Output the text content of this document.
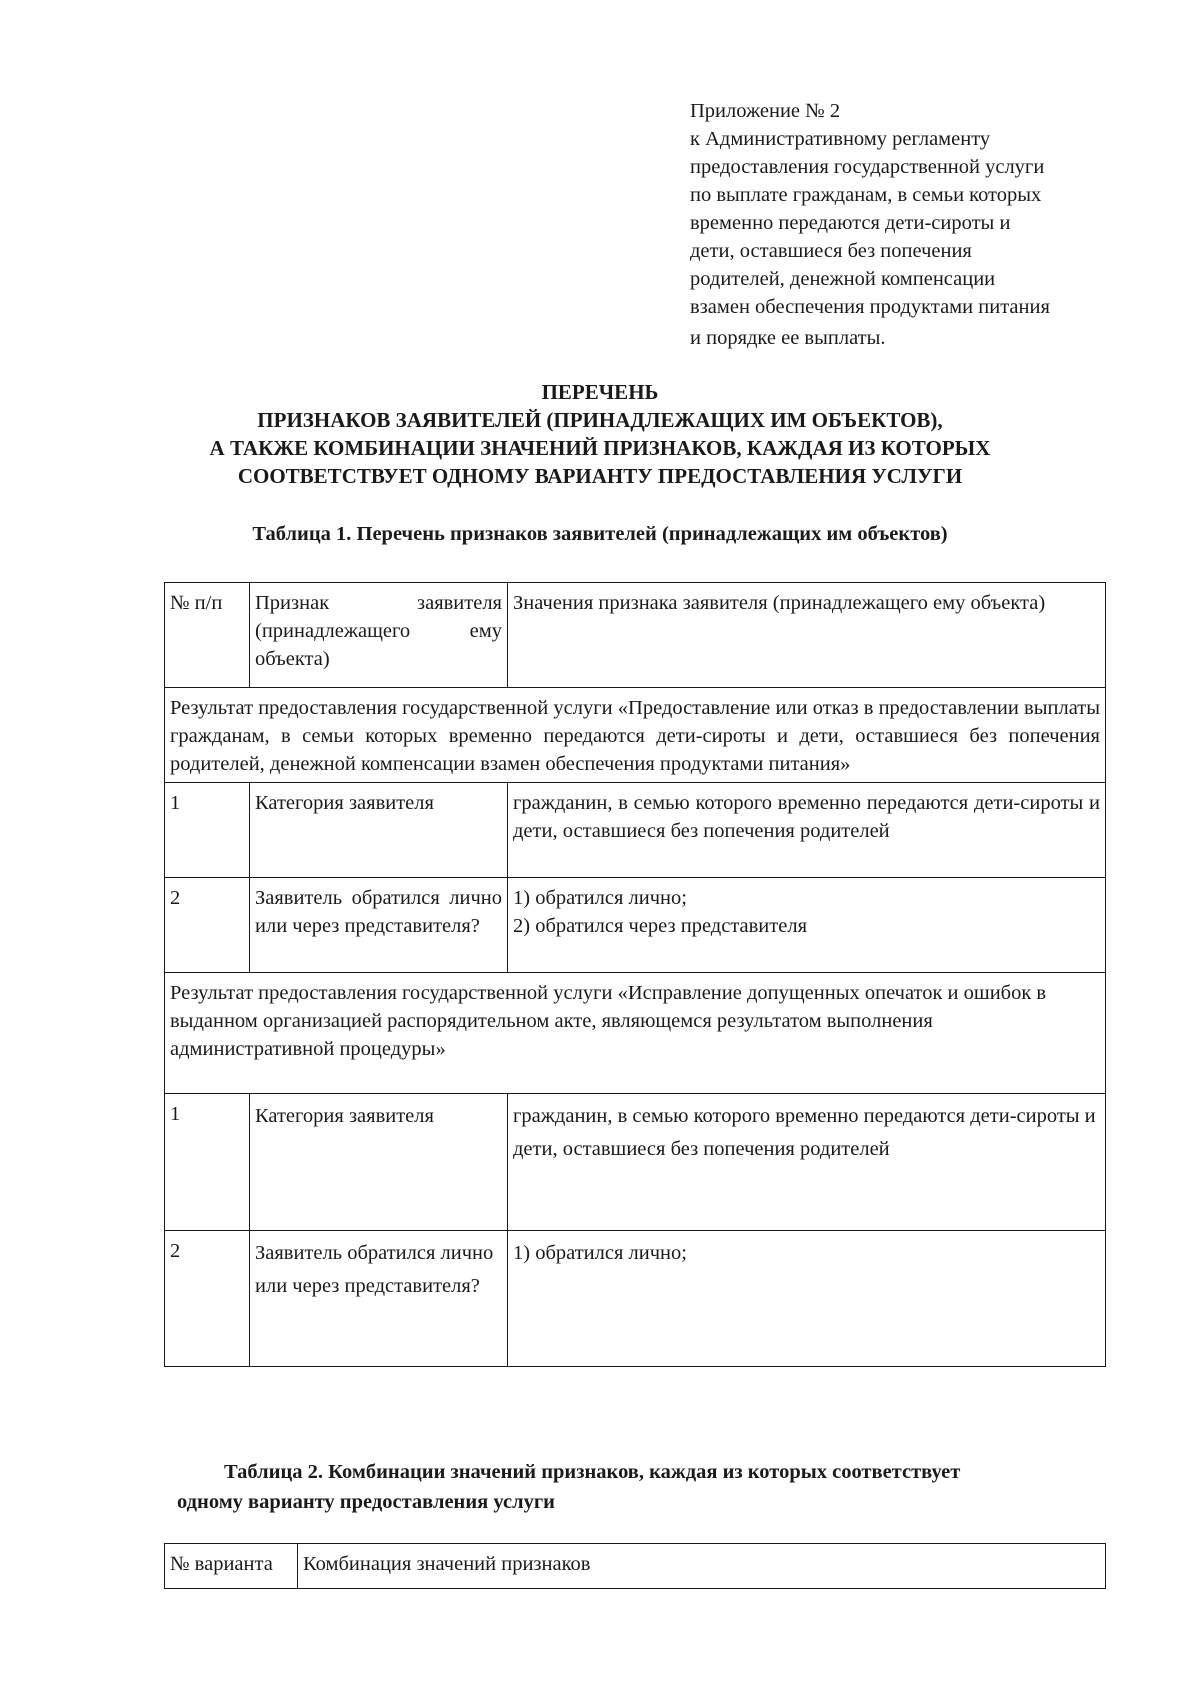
Приложение № 2
к Административному регламенту
предоставления государственной услуги
по выплате гражданам, в семьи которых
временно передаются дети-сироты и
дети, оставшиеся без попечения
родителей, денежной компенсации
взамен обеспечения продуктами питания
и порядке ее выплаты.
ПЕРЕЧЕНЬ
ПРИЗНАКОВ ЗАЯВИТЕЛЕЙ (ПРИНАДЛЕЖАЩИХ ИМ ОБЪЕКТОВ),
А ТАКЖЕ КОМБИНАЦИИ ЗНАЧЕНИЙ ПРИЗНАКОВ, КАЖДАЯ ИЗ КОТОРЫХ
СООТВЕТСТВУЕТ ОДНОМУ ВАРИАНТУ ПРЕДОСТАВЛЕНИЯ УСЛУГИ
Таблица 1. Перечень признаков заявителей (принадлежащих им объектов)
№ п/п	Признак заявителя (принадлежащего ему объекта)	Значения признака заявителя (принадлежащего ему объекта)
Результат предоставления государственной услуги «Предоставление или отказ в предоставлении выплаты гражданам, в семьи которых временно передаются дети-сироты и дети, оставшиеся без попечения родителей, денежной компенсации взамен обеспечения продуктами питания»		
1	Категория заявителя	гражданин, в семью которого временно передаются дети-сироты и дети, оставшиеся без попечения родителей
2	Заявитель обратился лично или через представителя?	1) обратился лично;
2) обратился через представителя

Результат предоставления государственной услуги «Исправление допущенных опечаток и ошибок в выданном организацией распорядительном акте, являющемся результатом выполнения административной процедуры»		
1	Категория заявителя	гражданин, в семью которого временно передаются дети-сироты и дети, оставшиеся без попечения родителей
2	Заявитель обратился лично или через представителя?	1) обратился лично;
Таблица 2. Комбинации значений признаков, каждая из которых соответствует
одному варианту предоставления услуги
№ варианта	Комбинация значений признаков
